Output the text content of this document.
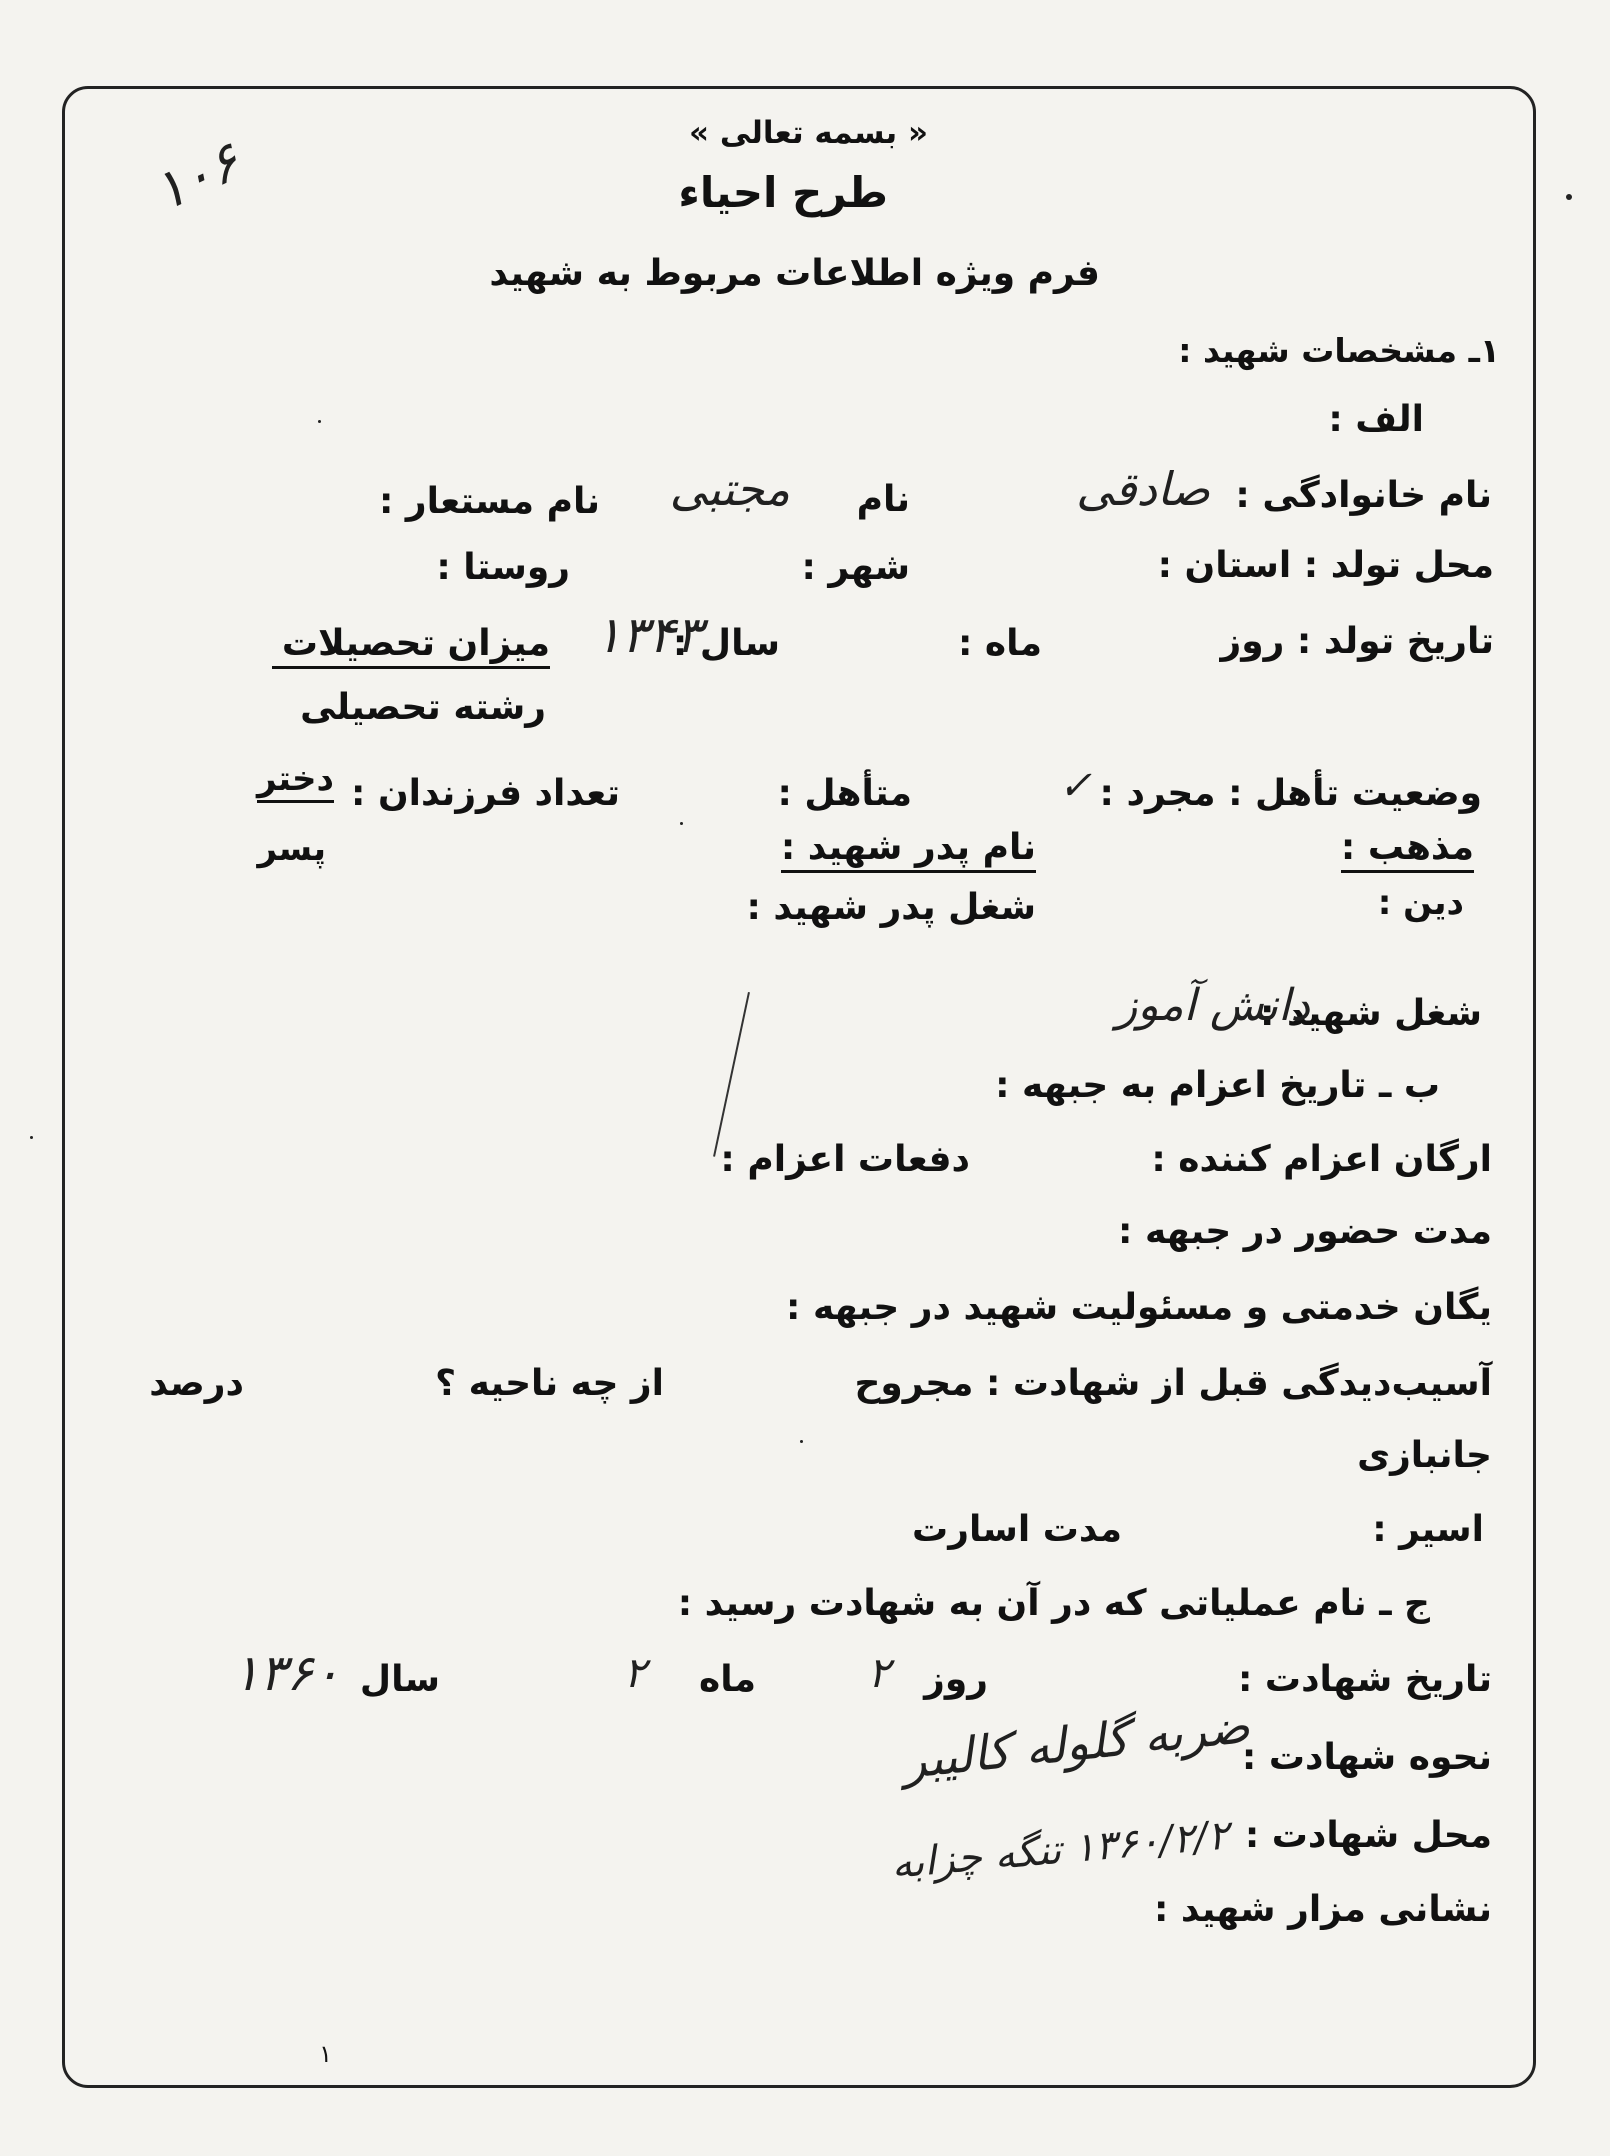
« بسمه تعالی »
طرح احیاء
فرم ویژه اطلاعات مربوط به شهید
۱۰۶
۱ـ مشخصات شهید :
الف :
نام خانوادگی :
صادقی
نام
مجتبی
نام مستعار :
محل تولد : استان :
شهر :
روستا :
تاریخ تولد : روز
ماه :
سال :
۱۳۴۳
میزان تحصیلات
رشته تحصیلی
وضعیت تأهل : مجرد :
✓
متأهل :
تعداد فرزندان :
دختر
پسر	مذهب :
نام پدر شهید :
دین :
شغل پدر شهید :
شغل شهید :
دانش آموز
ب ـ تاریخ اعزام به جبهه :
ارگان اعزام کننده :
دفعات اعزام :
مدت حضور در جبهه :
یگان خدمتی و مسئولیت شهید در جبهه :
آسیب‌دیدگی قبل از شهادت : مجروح
از چه ناحیه ؟
درصد
جانبازی
اسیر :
مدت اسارت
ج ـ نام عملیاتی که در آن به شهادت رسید :
تاریخ شهادت :
روز
۲
ماه
۲
سال
۱۳۶۰
نحوه شهادت :
ضربه گلوله کالیبر
محل شهادت :
۱۳۶۰/۲/۲ تنگه چزابه
نشانی مزار شهید :
۱
